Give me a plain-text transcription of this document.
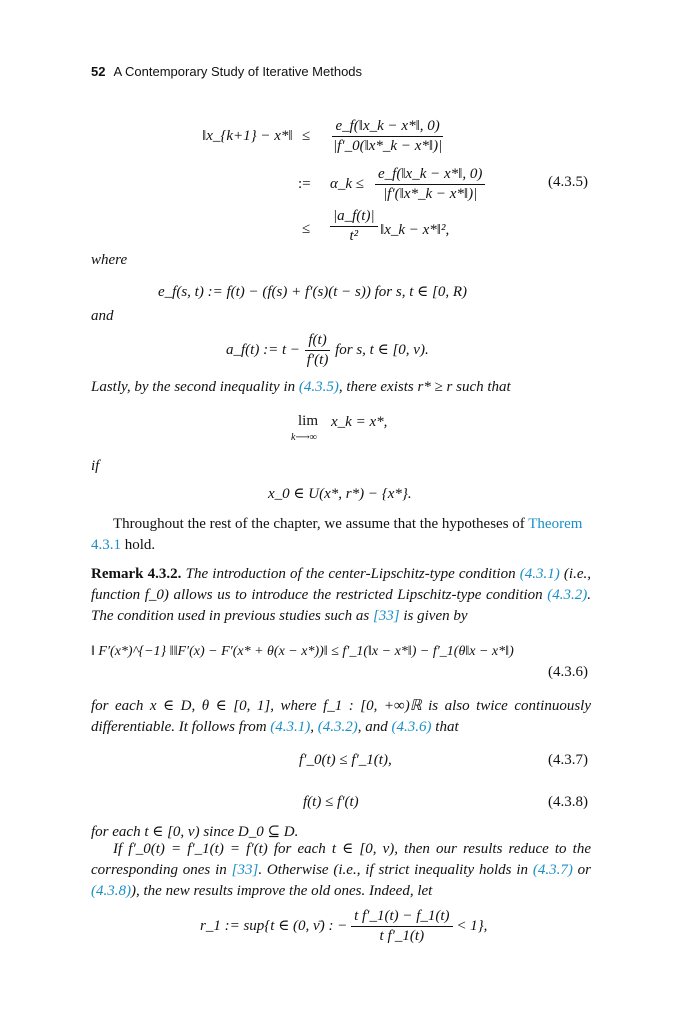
52 A Contemporary Study of Iterative Methods
‖x_{k+1} − x*‖ ≤ $\frac{e\_f(‖x\_k - x*‖, 0)}{|f'\_0(‖x*\_k - x*‖)|}$
:= α_k ≤ $\frac{e\_f(‖x\_k - x*‖, 0)}{|f'(‖x*\_k - x*‖)|}$	(4.3.5)
≤ $\frac{|a\_f(t)|}{\text{t²}}$ ‖x_k − x*‖²,
where
e_f(s, t) := f(t) − (f(s) + f′(s)(t − s)) for s, t ∈ [0, R)
and
a_f(t) := $t - \frac{f(t)}{f'(t)}$ for s, t ∈ [0, ν).
Lastly, by the second inequality in (4.3.5), there exists r* ≥ r such that
lim
k⟶∞
x_k = x*,
if
x_0 ∈ U(x*, r*) − {x*}.
Throughout the rest of the chapter, we assume that the hypotheses of Theorem 4.3.1 hold.
Remark 4.3.2. The introduction of the center-Lipschitz-type condition (4.3.1) (i.e., function f_0) allows us to introduce the restricted Lipschitz-type condition (4.3.2). The condition used in previous studies such as [33] is given by
‖ F′(x*)^{−1} ‖‖F′(x) − F′(x* + θ(x − x*))‖ ≤ f′_1(‖x − x*‖) − f′_1(θ‖x − x*‖)
(4.3.6)
for each x ∈ D, θ ∈ [0, 1], where f_1 : [0, +∞)ℝ is also twice continuously differentiable. It follows from (4.3.1), (4.3.2), and (4.3.6) that
f′_0(t) ≤ f′_1(t),	(4.3.7)
f(t) ≤ f′(t)	(4.3.8)
for each t ∈ [0, ν) since D_0 ⊆ D.
If f′_0(t) = f′_1(t) = f′(t) for each t ∈ [0, ν), then our results reduce to the corresponding ones in [33]. Otherwise (i.e., if strict inequality holds in (4.3.7) or (4.3.8)), the new results improve the old ones. Indeed, let
r_1 := sup{t ∈ (0, ν̄) : − $\frac{\text{t f′\_1(t) − f\_1(t)}}{\text{t f′\_1(t)}} < 1$},
